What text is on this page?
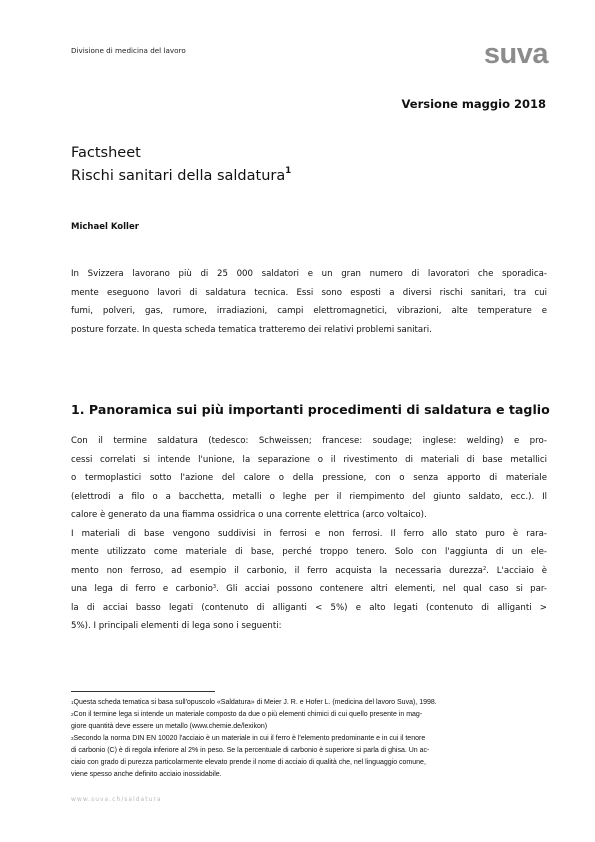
Divisione di medicina del lavoro	suva
Versione maggio 2018
Factsheet
Rischi sanitari della saldatura$^1$
Michael Koller
In Svizzera lavorano più di 25 000 saldatori e un gran numero di lavoratori che sporadica-
mente eseguono lavori di saldatura tecnica. Essi sono esposti a diversi rischi sanitari, tra cui
fumi, polveri, gas, rumore, irradiazioni, campi elettromagnetici, vibrazioni, alte temperature e
posture forzate. In questa scheda tematica tratteremo dei relativi problemi sanitari.
1. Panoramica sui più importanti procedimenti di saldatura e taglio
Con il termine saldatura (tedesco: Schweissen; francese: soudage; inglese: welding) e pro-
cessi correlati si intende l'unione, la separazione o il rivestimento di materiali di base metallici
o termoplastici sotto l'azione del calore o della pressione, con o senza apporto di materiale
(elettrodi a filo o a bacchetta, metalli o leghe per il riempimento del giunto saldato, ecc.). Il
calore è generato da una fiamma ossidrica o una corrente elettrica (arco voltaico).
I materiali di base vengono suddivisi in ferrosi e non ferrosi. Il ferro allo stato puro è rara-
mente utilizzato come materiale di base, perché troppo tenero. Solo con l'aggiunta di un ele-
mento non ferroso, ad esempio il carbonio, il ferro acquista la necessaria durezza$^2$. L'acciaio è
una lega di ferro e carbonio$^3$. Gli acciai possono contenere altri elementi, nel qual caso si par-
la di acciai basso legati (contenuto di alliganti < 5%) e alto legati (contenuto di alliganti >
5%). I principali elementi di lega sono i seguenti:
$^1$Questa scheda tematica si basa sull'opuscolo «Saldatura» di Meier J. R. e Hofer L. (medicina del lavoro Suva), 1998.
$^2$Con il termine lega si intende un materiale composto da due o più elementi chimici di cui quello presente in mag-
giore quantità deve essere un metallo (www.chemie.de/lexikon)
$^3$Secondo la norma DIN EN 10020 l'acciaio è un materiale in cui il ferro è l'elemento predominante e in cui il tenore
di carbonio (C) è di regola inferiore al 2% in peso. Se la percentuale di carbonio è superiore si parla di ghisa. Un ac-
ciaio con grado di purezza particolarmente elevato prende il nome di acciaio di qualità che, nel linguaggio comune,
viene spesso anche definito acciaio inossidabile.
www.suva.ch/saldatura
